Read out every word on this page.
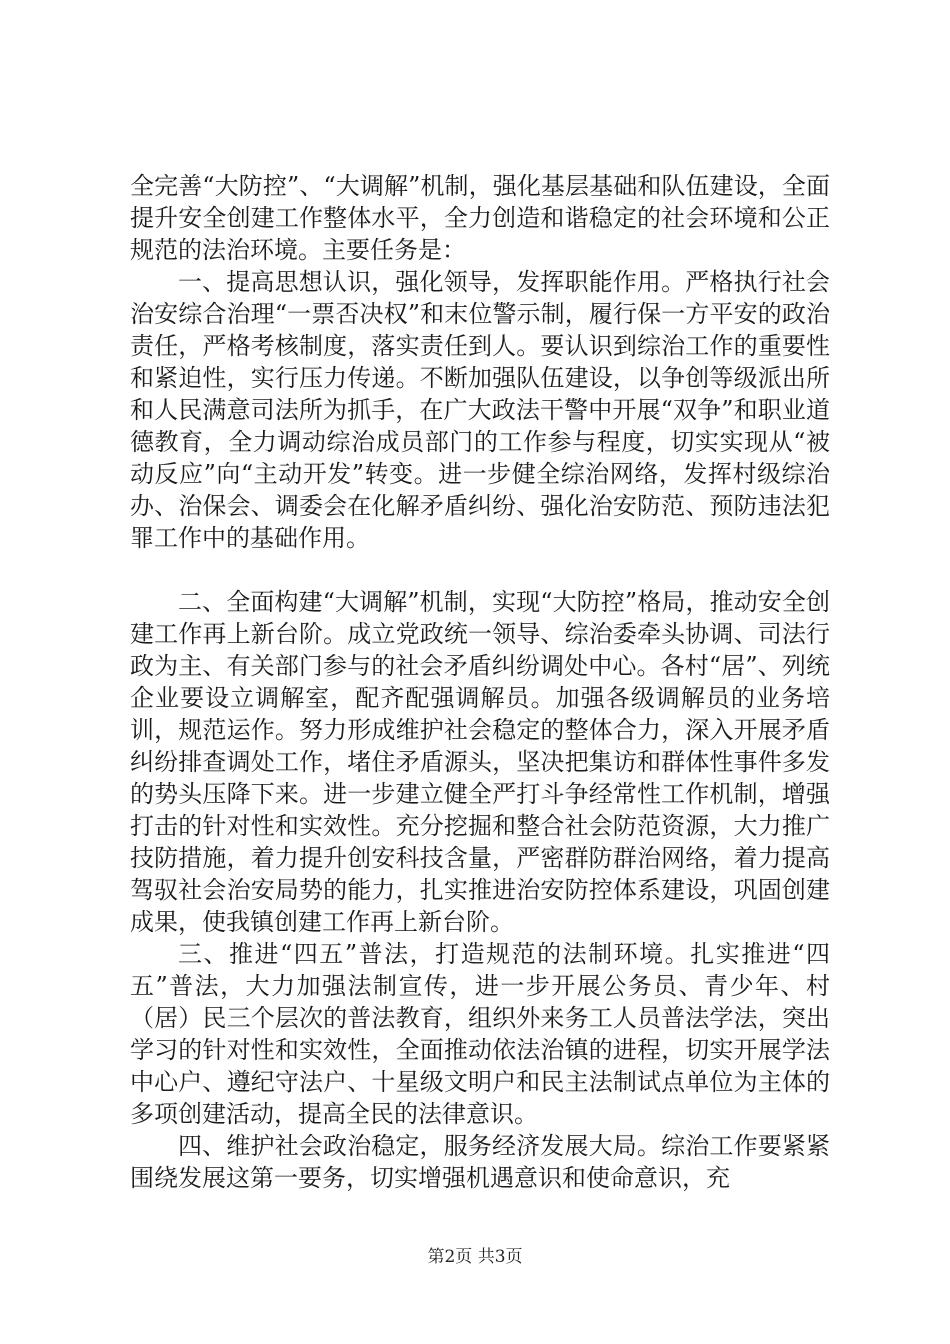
全完善“大防控”、“大调解”机制，强化基层基础和队伍建设，全面提升安全创建工作整体水平，全力创造和谐稳定的社会环境和公正规范的法治环境。主要任务是：

一、提高思想认识，强化领导，发挥职能作用。严格执行社会治安综合治理“一票否决权”和末位警示制，履行保一方平安的政治责任，严格考核制度，落实责任到人。要认识到综治工作的重要性和紧迫性，实行压力传递。不断加强队伍建设，以争创等级派出所和人民满意司法所为抓手，在广大政法干警中开展“双争”和职业道德教育，全力调动综治成员部门的工作参与程度，切实实现从“被动反应”向“主动开发”转变。进一步健全综治网络，发挥村级综治办、治保会、调委会在化解矛盾纠纷、强化治安防范、预防违法犯罪工作中的基础作用。

二、全面构建“大调解”机制，实现“大防控”格局，推动安全创建工作再上新台阶。成立党政统一领导、综治委牵头协调、司法行政为主、有关部门参与的社会矛盾纠纷调处中心。各村“居”、列统企业要设立调解室，配齐配强调解员。加强各级调解员的业务培训，规范运作。努力形成维护社会稳定的整体合力，深入开展矛盾纠纷排查调处工作，堵住矛盾源头，坚决把集访和群体性事件多发的势头压降下来。进一步建立健全严打斗争经常性工作机制，增强打击的针对性和实效性。充分挖掘和整合社会防范资源，大力推广技防措施，着力提升创安科技含量，严密群防群治网络，着力提高驾驭社会治安局势的能力，扎实推进治安防控体系建设，巩固创建成果，使我镇创建工作再上新台阶。

三、推进“四五”普法，打造规范的法制环境。扎实推进“四五”普法，大力加强法制宣传，进一步开展公务员、青少年、村（居）民三个层次的普法教育，组织外来务工人员普法学法，突出学习的针对性和实效性，全面推动依法治镇的进程，切实开展学法中心户、遵纪守法户、十星级文明户和民主法制试点单位为主体的多项创建活动，提高全民的法律意识。

四、维护社会政治稳定，服务经济发展大局。综治工作要紧紧围绕发展这第一要务，切实增强机遇意识和使命意识，充

第2页 共3页
